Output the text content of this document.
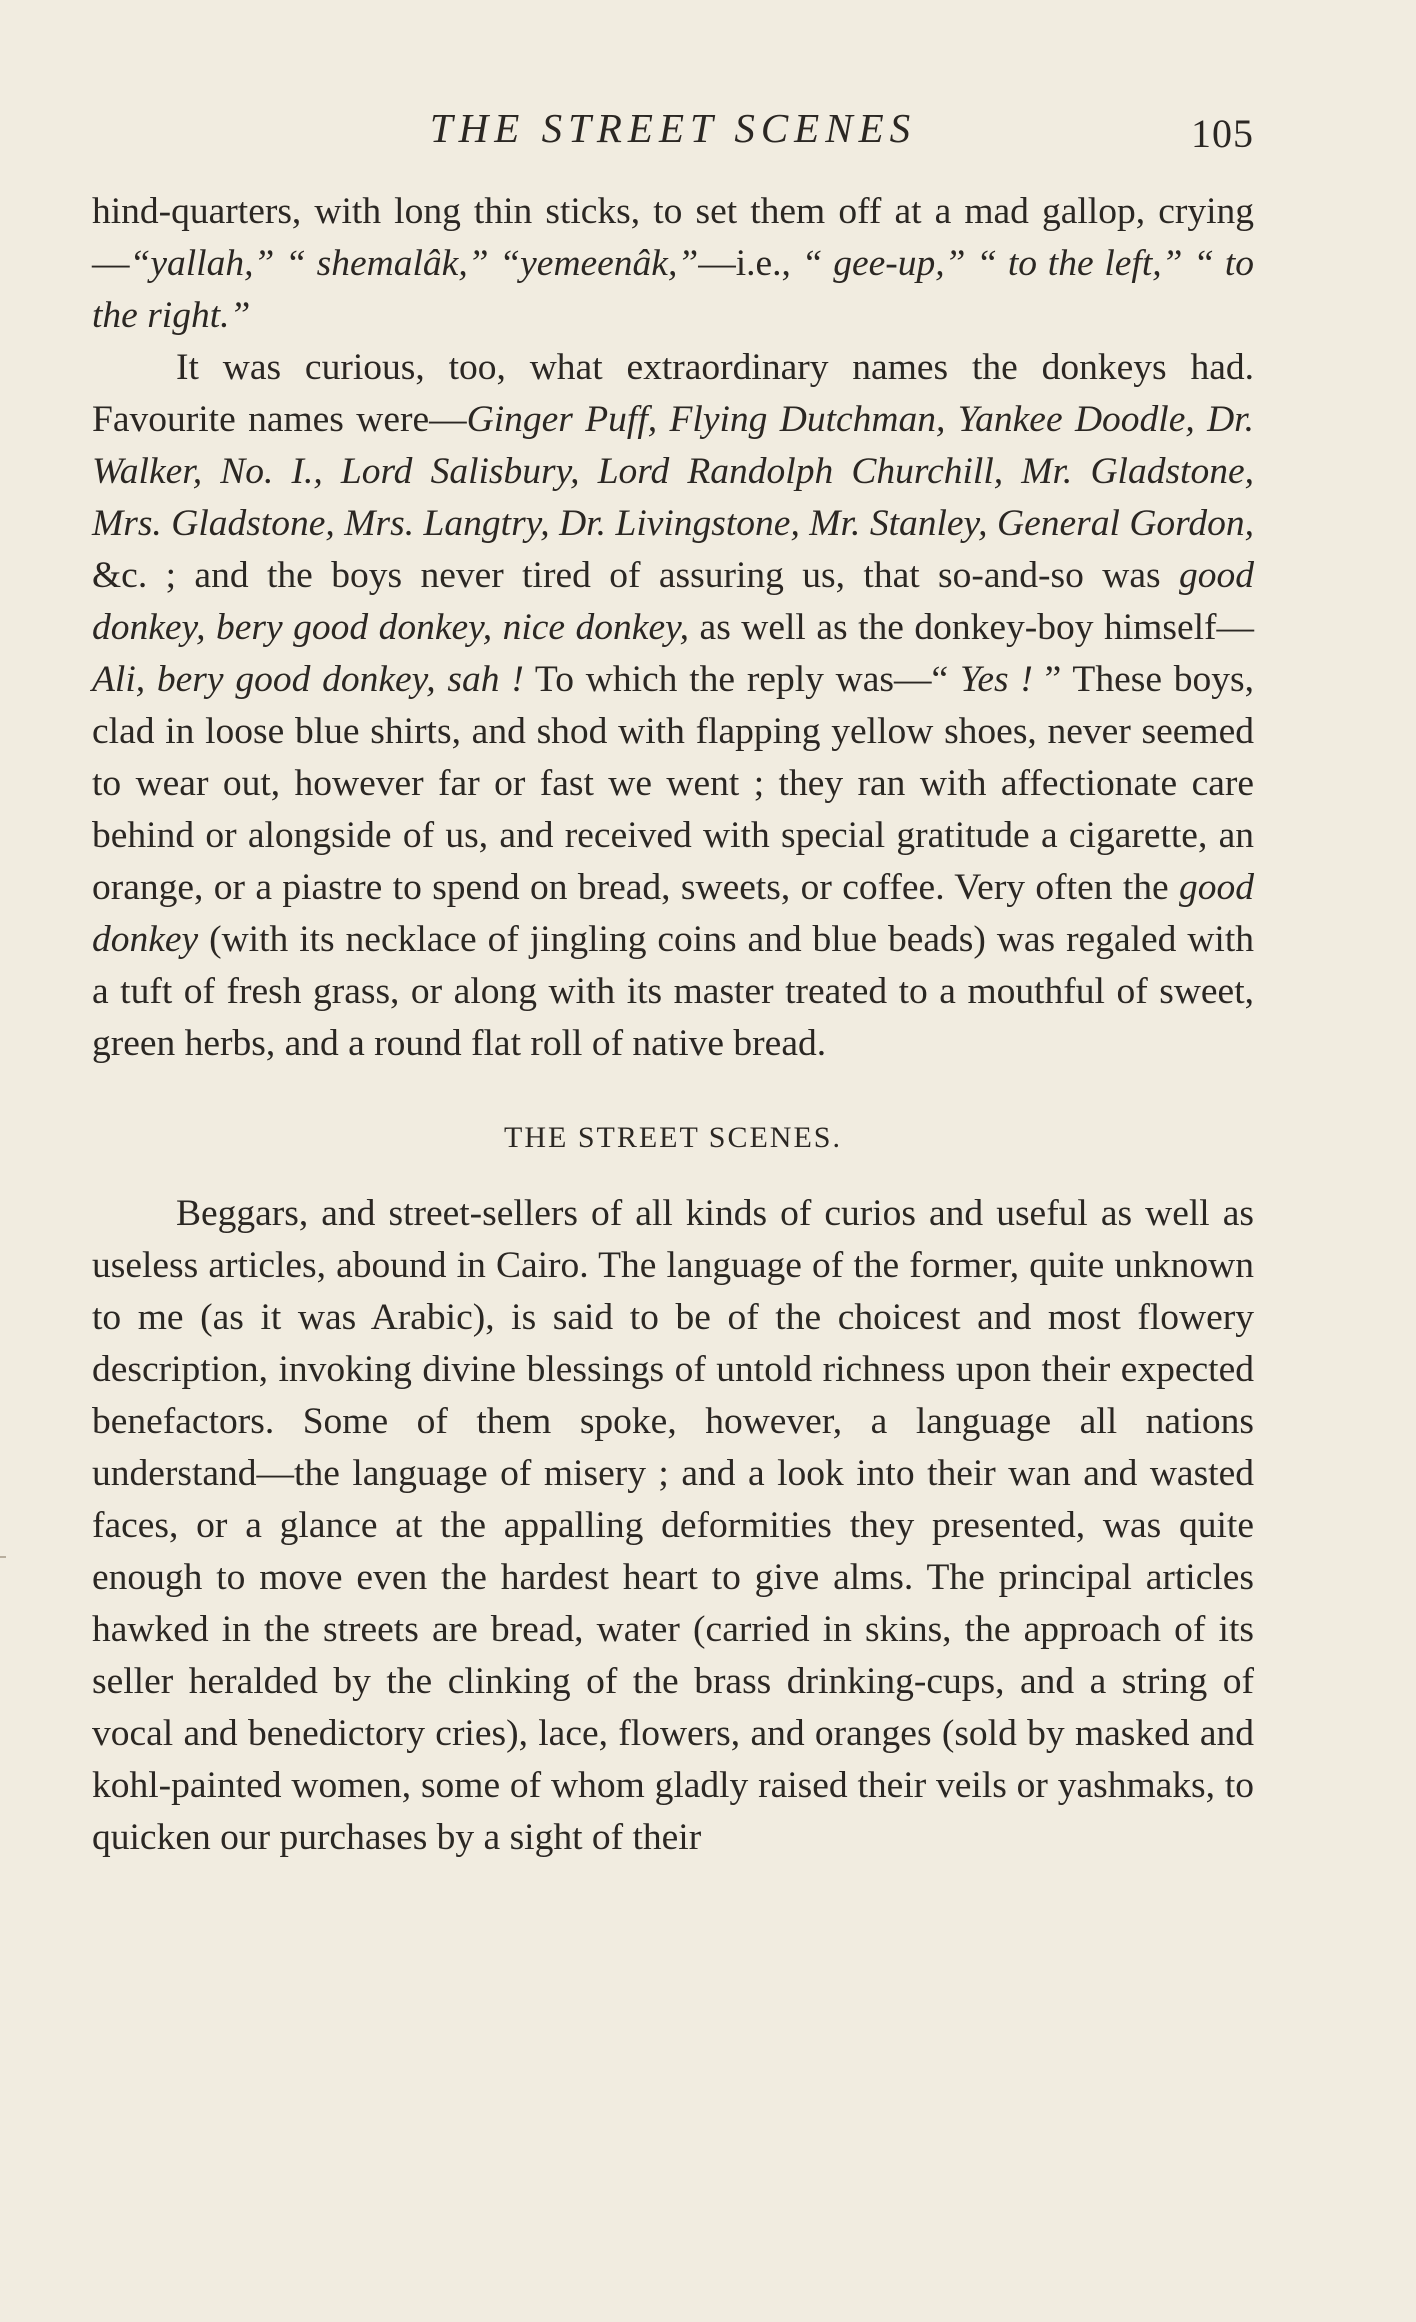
THE STREET SCENES	105

hind-quarters, with long thin sticks, to set them off at a mad gallop, crying—“yallah,” “ shemalâk,” “yemeenâk,”—i.e., “ gee-up,” “ to the left,” “ to the right.”

It was curious, too, what extraordinary names the donkeys had. Favourite names were—Ginger Puff, Flying Dutchman, Yankee Doodle, Dr. Walker, No. I., Lord Salisbury, Lord Randolph Churchill, Mr. Gladstone, Mrs. Gladstone, Mrs. Langtry, Dr. Livingstone, Mr. Stanley, General Gordon, &c. ; and the boys never tired of assuring us, that so-and-so was good donkey, bery good donkey, nice donkey, as well as the donkey-boy himself—Ali, bery good donkey, sah ! To which the reply was—“ Yes ! ” These boys, clad in loose blue shirts, and shod with flapping yellow shoes, never seemed to wear out, however far or fast we went ; they ran with affectionate care behind or alongside of us, and received with special gratitude a cigarette, an orange, or a piastre to spend on bread, sweets, or coffee. Very often the good donkey (with its necklace of jingling coins and blue beads) was regaled with a tuft of fresh grass, or along with its master treated to a mouthful of sweet, green herbs, and a round flat roll of native bread.

THE STREET SCENES.

Beggars, and street-sellers of all kinds of curios and useful as well as useless articles, abound in Cairo. The language of the former, quite unknown to me (as it was Arabic), is said to be of the choicest and most flowery description, invoking divine blessings of untold richness upon their expected benefactors. Some of them spoke, however, a language all nations understand—the language of misery ; and a look into their wan and wasted faces, or a glance at the appalling deformities they presented, was quite enough to move even the hardest heart to give alms. The principal articles hawked in the streets are bread, water (carried in skins, the approach of its seller heralded by the clinking of the brass drinking-cups, and a string of vocal and benedictory cries), lace, flowers, and oranges (sold by masked and kohl-painted women, some of whom gladly raised their veils or yashmaks, to quicken our purchases by a sight of their
